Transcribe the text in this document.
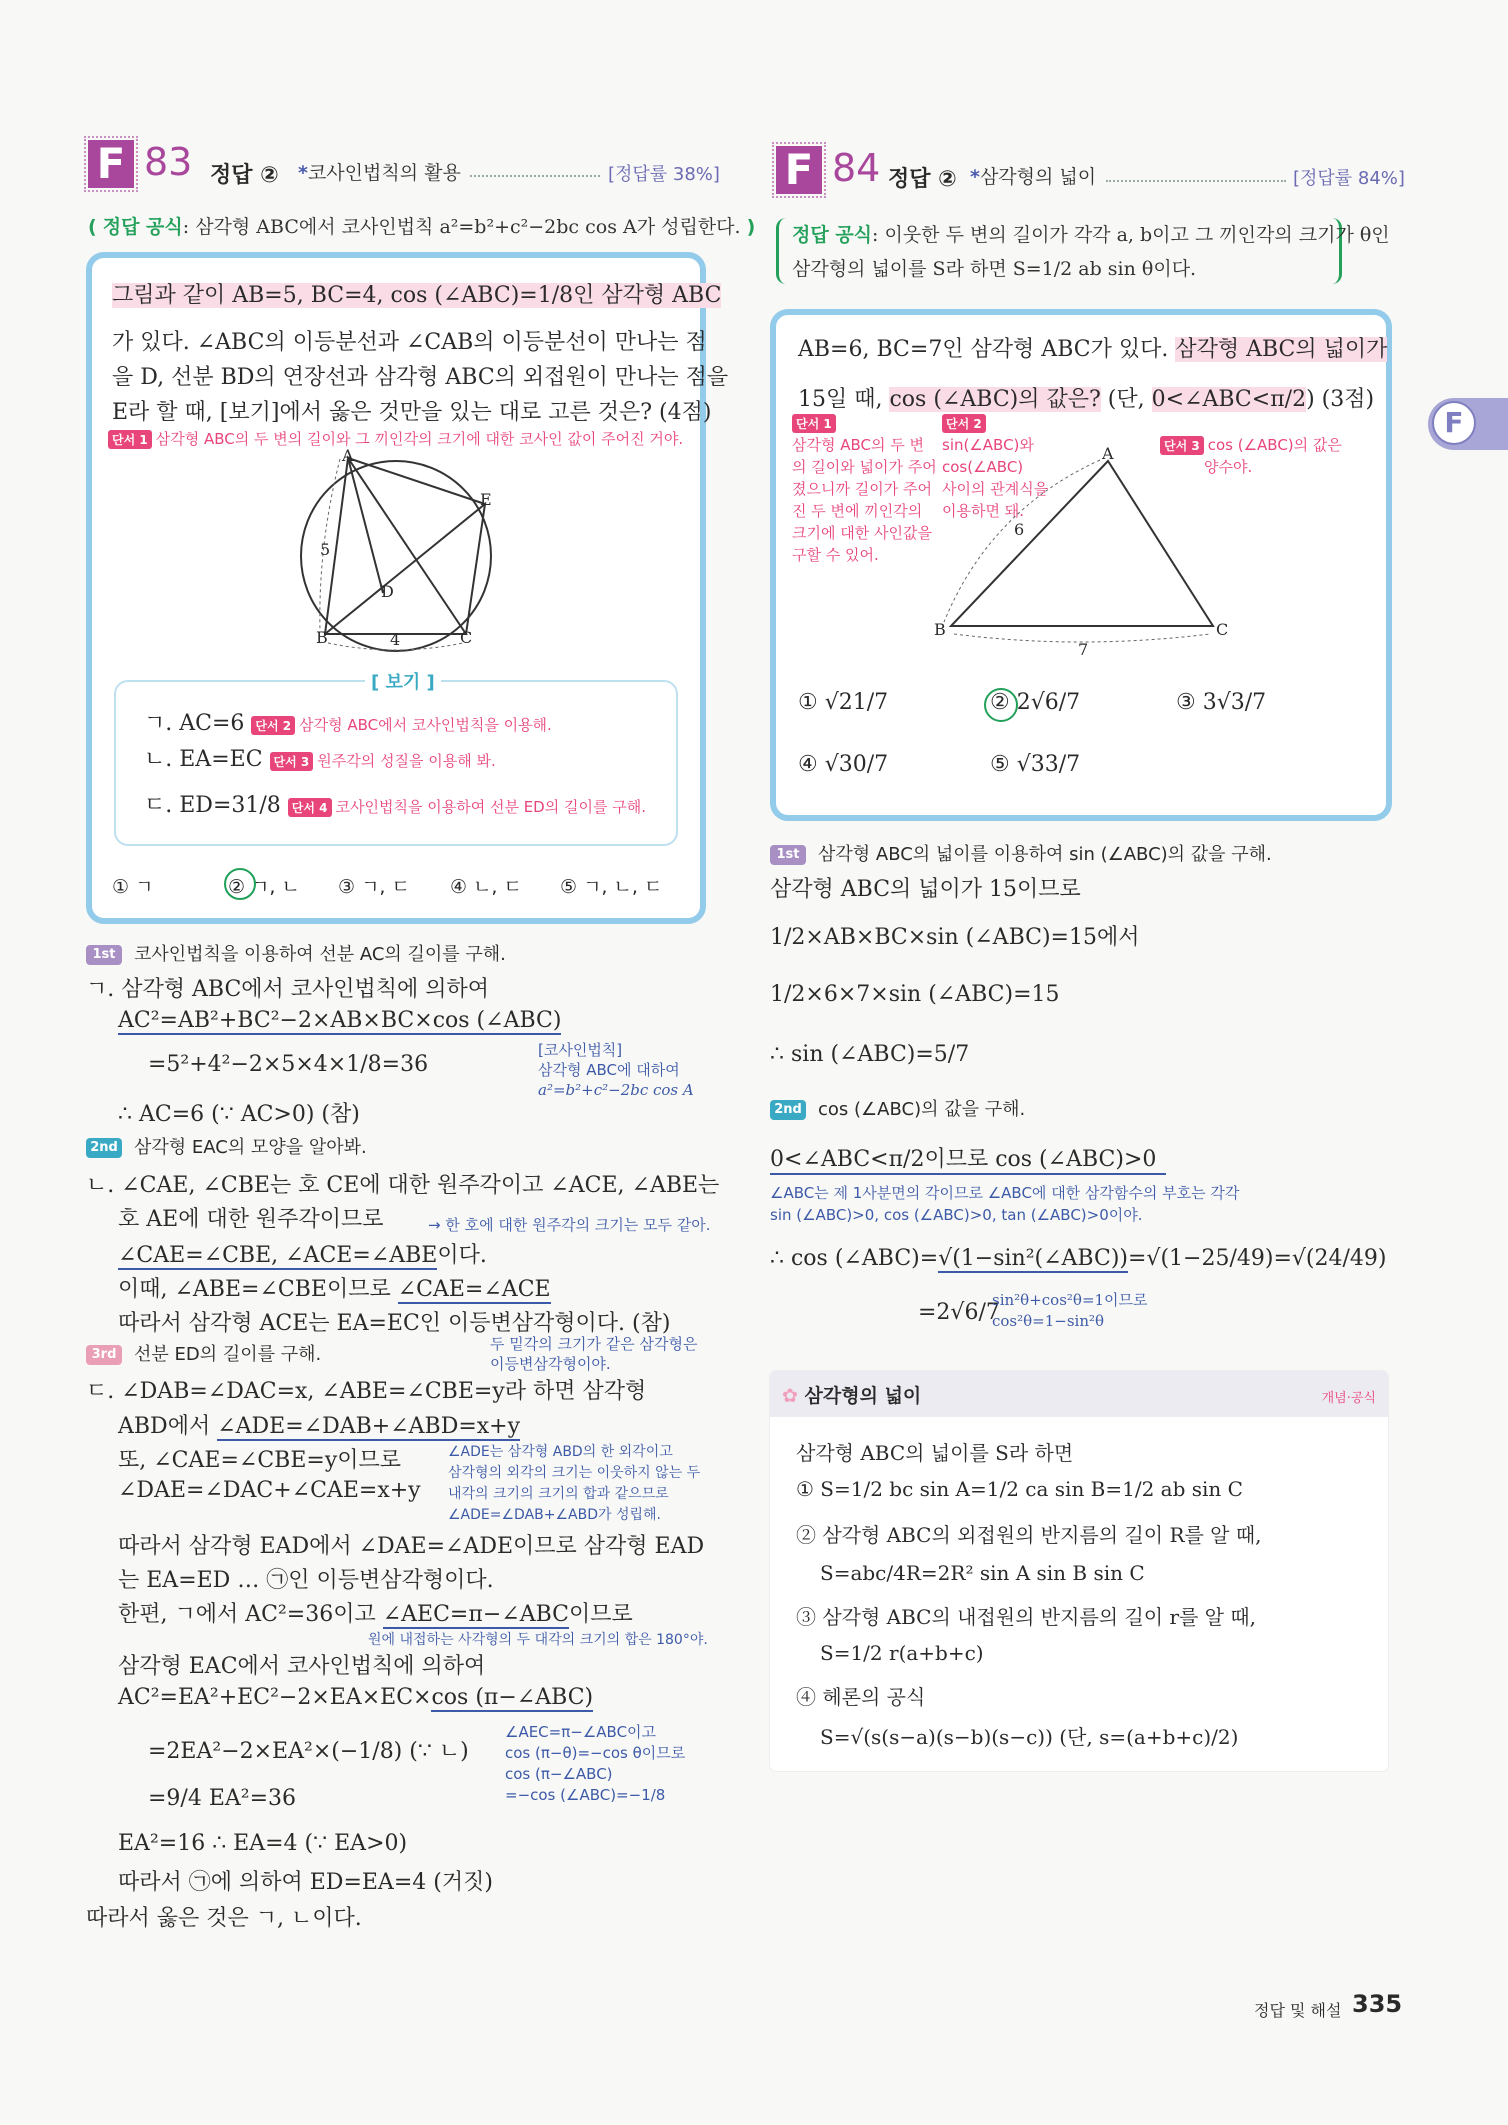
F 83 정답 ② *코사인법칙의 활용	[정답률 38%]
( 정답 공식: 삼각형 ABC에서 코사인법칙 a²=b²+c²−2bc cos A가 성립한다. )
그림과 같이 AB=5, BC=4, cos (∠ABC)=1/8인 삼각형 ABC
가 있다. ∠ABC의 이등분선과 ∠CAB의 이등분선이 만나는 점
을 D, 선분 BD의 연장선과 삼각형 ABC의 외접원이 만나는 점을
E라 할 때, [보기]에서 옳은 것만을 있는 대로 고른 것은? (4점)
단서 1 삼각형 ABC의 두 변의 길이와 그 끼인각의 크기에 대한 코사인 값이 주어진 거야.
A
B	C
D
E
5
4
[ 보기 ]
ㄱ. AC=6 단서 2 삼각형 ABC에서 코사인법칙을 이용해.
ㄴ. EA=EC 단서 3 원주각의 성질을 이용해 봐.
ㄷ. ED=31/8 단서 4 코사인법칙을 이용하여 선분 ED의 길이를 구해.
① ㄱ	② ㄱ, ㄴ ③ ㄱ, ㄷ ④ ㄴ, ㄷ ⑤ ㄱ, ㄴ, ㄷ
1st 코사인법칙을 이용하여 선분 AC의 길이를 구해.
ㄱ. 삼각형 ABC에서 코사인법칙에 의하여
AC²=AB²+BC²−2×AB×BC×cos (∠ABC)
=5²+4²−2×5×4×1/8=36
∴ AC=6 (∵ AC>0) (참)
[코사인법칙]
삼각형 ABC에 대하여
a²=b²+c²−2bc cos A
2nd 삼각형 EAC의 모양을 알아봐.
ㄴ. ∠CAE, ∠CBE는 호 CE에 대한 원주각이고 ∠ACE, ∠ABE는
호 AE에 대한 원주각이므로	→ 한 호에 대한 원주각의 크기는 모두 같아.
∠CAE=∠CBE, ∠ACE=∠ABE이다.
이때, ∠ABE=∠CBE이므로 ∠CAE=∠ACE
따라서 삼각형 ACE는 EA=EC인 이등변삼각형이다. (참)
두 밑각의 크기가 같은 삼각형은
이등변삼각형이야.
3rd 선분 ED의 길이를 구해.
ㄷ. ∠DAB=∠DAC=x, ∠ABE=∠CBE=y라 하면 삼각형
ABD에서 ∠ADE=∠DAB+∠ABD=x+y
또, ∠CAE=∠CBE=y이므로
∠DAE=∠DAC+∠CAE=x+y
∠ADE는 삼각형 ABD의 한 외각이고
삼각형의 외각의 크기는 이웃하지 않는 두
내각의 크기의 크기의 합과 같으므로
∠ADE=∠DAB+∠ABD가 성립해.
따라서 삼각형 EAD에서 ∠DAE=∠ADE이므로 삼각형 EAD
는 EA=ED … ㉠인 이등변삼각형이다.
한편, ㄱ에서 AC²=36이고 ∠AEC=π−∠ABC이므로
원에 내접하는 사각형의 두 대각의 크기의 합은 180°야.
삼각형 EAC에서 코사인법칙에 의하여
AC²=EA²+EC²−2×EA×EC×cos (π−∠ABC)
=2EA²−2×EA²×(−1/8) (∵ ㄴ)
∠AEC=π−∠ABC이고
cos (π−θ)=−cos θ이므로
cos (π−∠ABC)
=−cos (∠ABC)=−1/8
=9/4 EA²=36
EA²=16 ∴ EA=4 (∵ EA>0)
따라서 ㉠에 의하여 ED=EA=4 (거짓)
따라서 옳은 것은 ㄱ, ㄴ이다.
F 84 정답 ② *삼각형의 넓이	[정답률 84%]
정답 공식: 이웃한 두 변의 길이가 각각 a, b이고 그 끼인각의 크기가 θ인
삼각형의 넓이를 S라 하면 S=1/2 ab sin θ이다.
AB=6, BC=7인 삼각형 ABC가 있다. 삼각형 ABC의 넓이가
15일 때, cos (∠ABC)의 값은? (단, 0<∠ABC<π/2) (3점)
단서 1
삼각형 ABC의 두 변
의 길이와 넓이가 주어
졌으니까 길이가 주어
진 두 변에 끼인각의
크기에 대한 사인값을
구할 수 있어.
단서 2
sin(∠ABC)와
cos(∠ABC)
사이의 관계식을
이용하면 돼.
단서 3 cos (∠ABC)의 값은
양수야.
A
B	C
6
7
① √21/7	② 2√6/7	③ 3√3/7
④ √30/7	⑤ √33/7
1st 삼각형 ABC의 넓이를 이용하여 sin (∠ABC)의 값을 구해.
삼각형 ABC의 넓이가 15이므로
1/2×AB×BC×sin (∠ABC)=15에서
1/2×6×7×sin (∠ABC)=15
∴ sin (∠ABC)=5/7
2nd cos (∠ABC)의 값을 구해.
0<∠ABC<π/2이므로 cos (∠ABC)>0
∠ABC는 제 1사분면의 각이므로 ∠ABC에 대한 삼각함수의 부호는 각각
sin (∠ABC)>0, cos (∠ABC)>0, tan (∠ABC)>0이야.
∴ cos (∠ABC)=√(1−sin²(∠ABC))=√(1−25/49)=√(24/49)
=2√6/7
sin²θ+cos²θ=1이므로
cos²θ=1−sin²θ
✿ 삼각형의 넓이	개념·공식
삼각형 ABC의 넓이를 S라 하면
① S=1/2 bc sin A=1/2 ca sin B=1/2 ab sin C
② 삼각형 ABC의 외접원의 반지름의 길이 R를 알 때,
S=abc/4R=2R² sin A sin B sin C
③ 삼각형 ABC의 내접원의 반지름의 길이 r를 알 때,
S=1/2 r(a+b+c)
④ 헤론의 공식
S=√(s(s−a)(s−b)(s−c)) (단, s=(a+b+c)/2)
F
정답 및 해설 335
